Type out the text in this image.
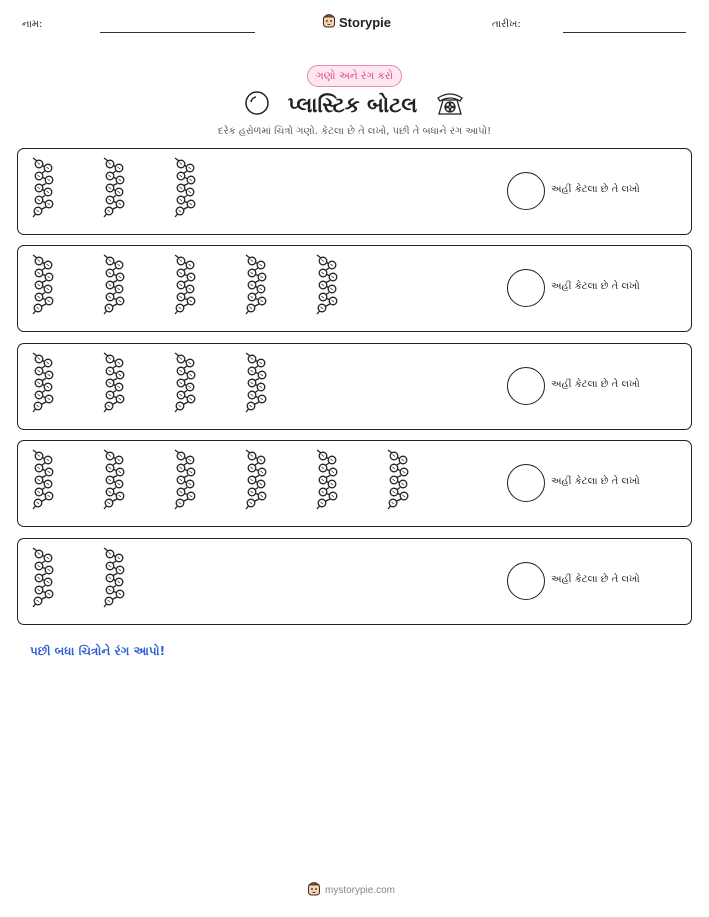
નામ:	Storypie	તારીખ:
ગણો અને રંગ કરો
પ્લાસ્ટિક બોટલ
દરેક હરોળમાં ચિત્રો ગણો. કેટલા છે તે લખો, પછી તે બધાને રંગ આપો!
અહીં કેટલા છે તે લખો
અહીં કેટલા છે તે લખો
અહીં કેટલા છે તે લખો
અહીં કેટલા છે તે લખો
અહીં કેટલા છે તે લખો
પછી બધા ચિત્રોને રંગ આપો!
mystorypie.com
